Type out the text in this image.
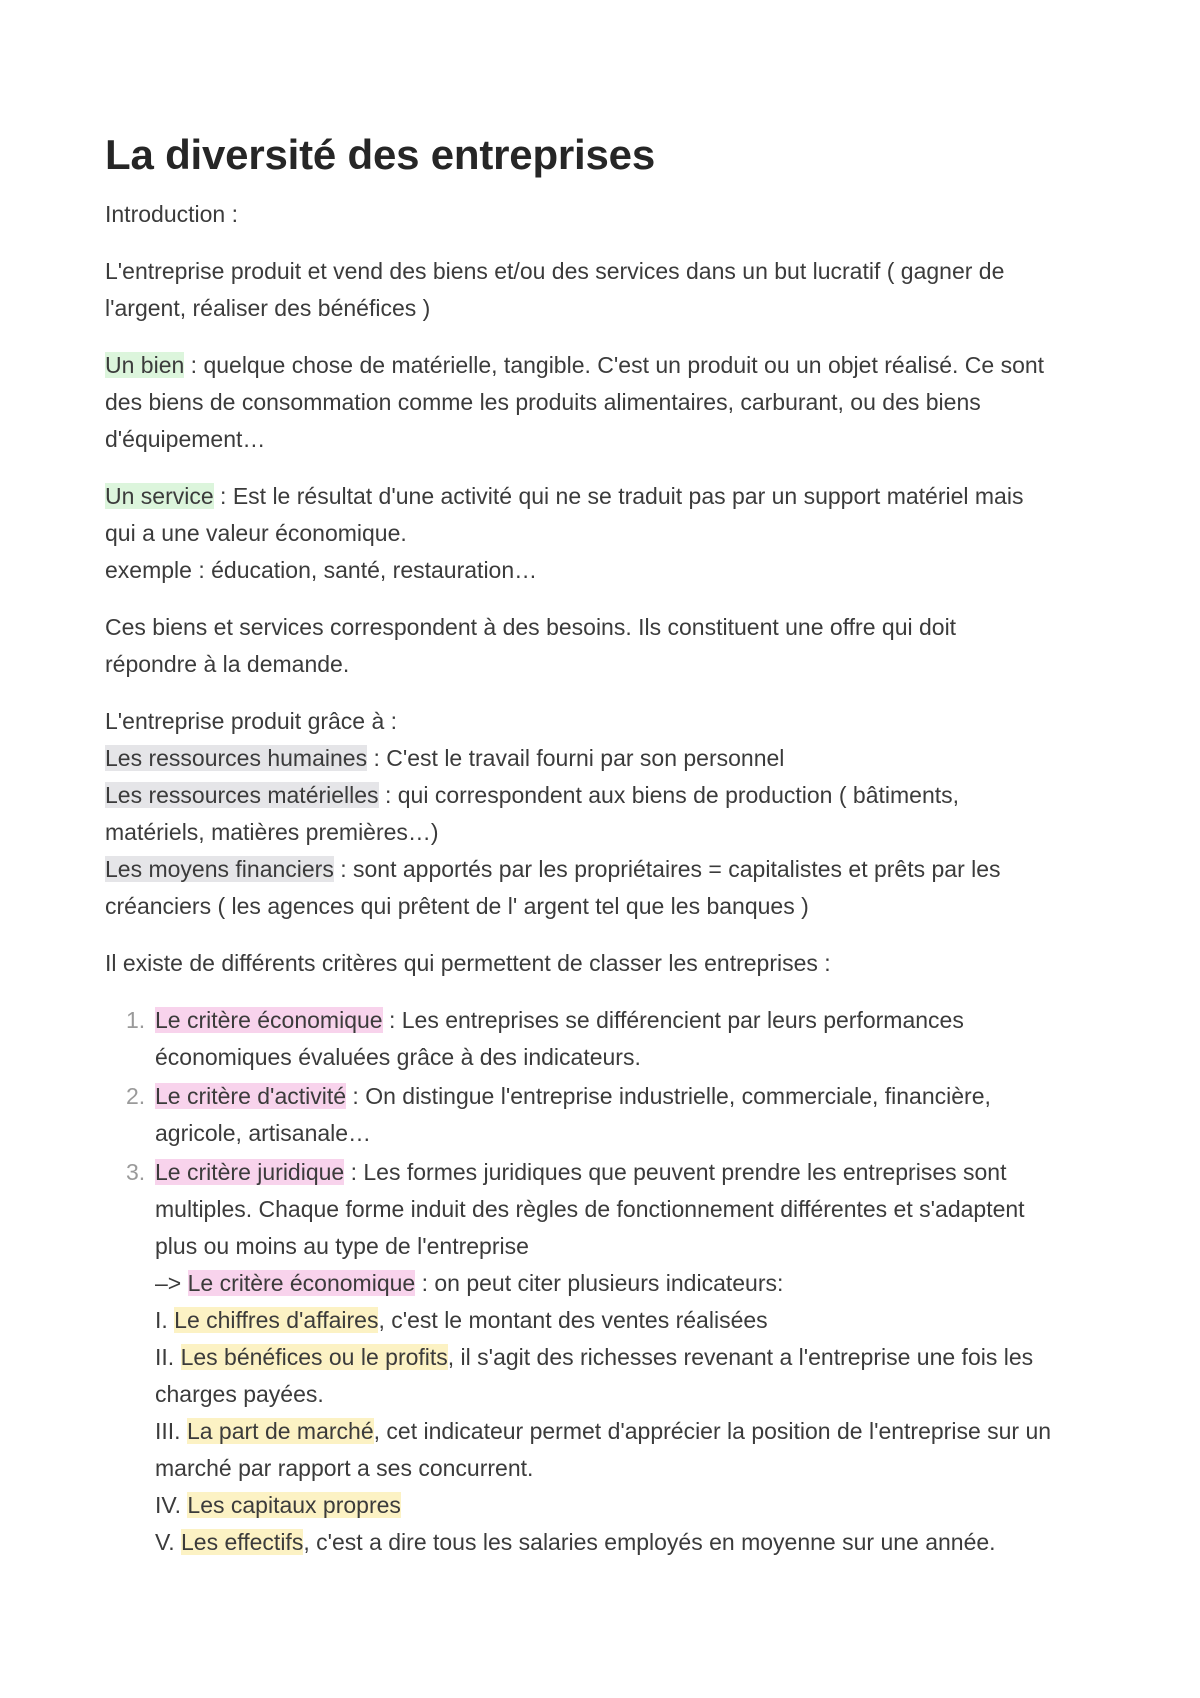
La diversité des entreprises

Introduction :

L'entreprise produit et vend des biens et/ou des services dans un but lucratif ( gagner de
l'argent, réaliser des bénéfices )

Un bien : quelque chose de matérielle, tangible. C'est un produit ou un objet réalisé. Ce sont
des biens de consommation comme les produits alimentaires, carburant, ou des biens
d'équipement…

Un service : Est le résultat d'une activité qui ne se traduit pas par un support matériel mais
qui a une valeur économique.
exemple : éducation, santé, restauration…

Ces biens et services correspondent à des besoins. Ils constituent une offre qui doit
répondre à la demande.

L'entreprise produit grâce à :
Les ressources humaines : C'est le travail fourni par son personnel
Les ressources matérielles : qui correspondent aux biens de production ( bâtiments,
matériels, matières premières…)
Les moyens financiers : sont apportés par les propriétaires = capitalistes et prêts par les
créanciers ( les agences qui prêtent de l' argent tel que les banques )

Il existe de différents critères qui permettent de classer les entreprises :

1. Le critère économique : Les entreprises se différencient par leurs performances
économiques évaluées grâce à des indicateurs.
2. Le critère d'activité : On distingue l'entreprise industrielle, commerciale, financière,
agricole, artisanale…
3. Le critère juridique : Les formes juridiques que peuvent prendre les entreprises sont
multiples. Chaque forme induit des règles de fonctionnement différentes et s'adaptent
plus ou moins au type de l'entreprise
–> Le critère économique : on peut citer plusieurs indicateurs:
I. Le chiffres d'affaires, c'est le montant des ventes réalisées
II. Les bénéfices ou le profits, il s'agit des richesses revenant a l'entreprise une fois les
charges payées.
III. La part de marché, cet indicateur permet d'apprécier la position de l'entreprise sur un
marché par rapport a ses concurrent.
IV. Les capitaux propres
V. Les effectifs, c'est a dire tous les salaries employés en moyenne sur une année.
